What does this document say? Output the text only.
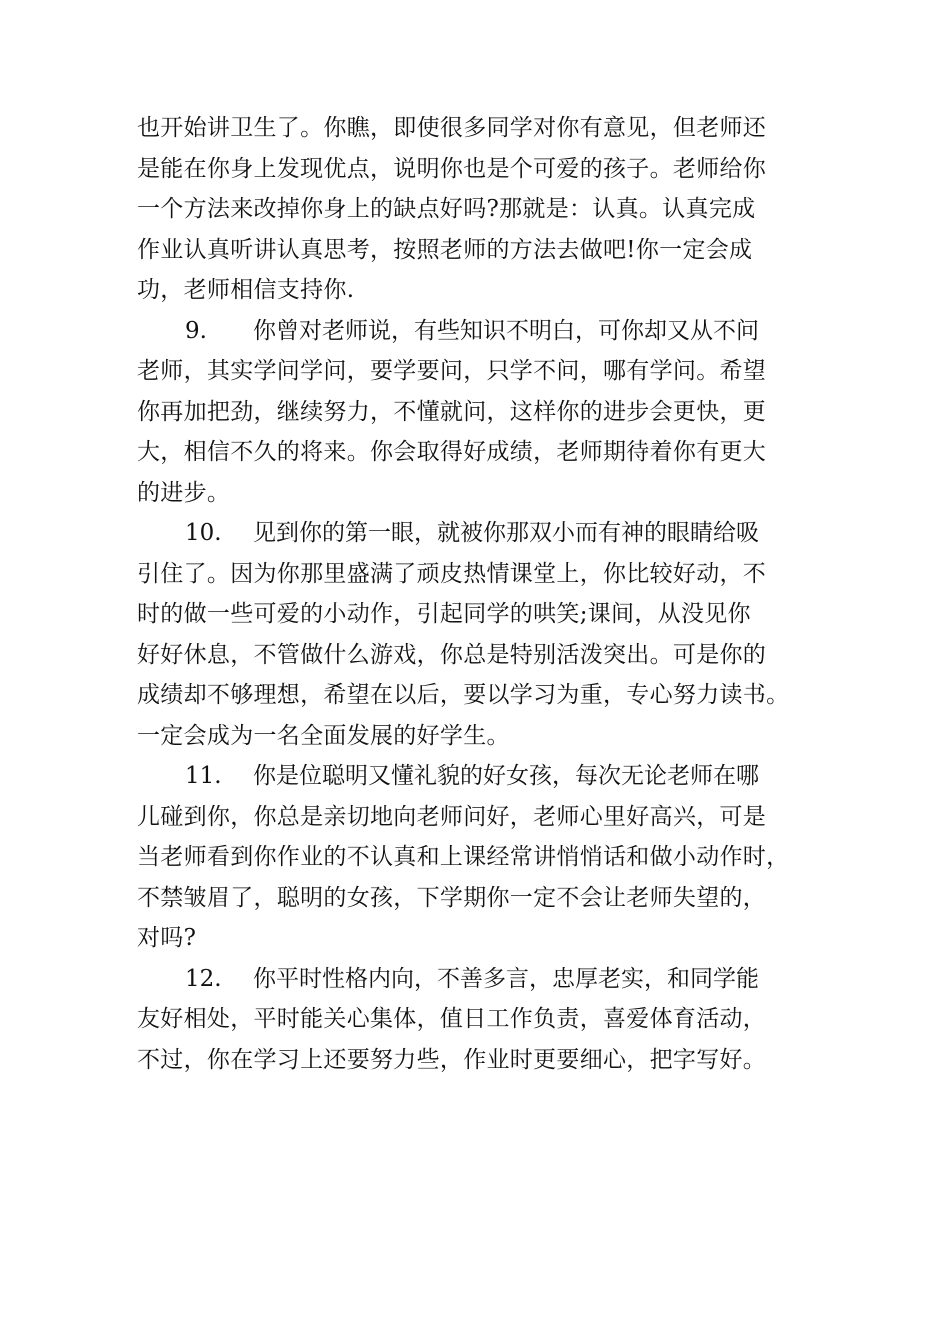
也开始讲卫生了。你瞧，即使很多同学对你有意见，但老师还
是能在你身上发现优点，说明你也是个可爱的孩子。老师给你
一个方法来改掉你身上的缺点好吗?那就是：认真。认真完成
作业认真听讲认真思考，按照老师的方法去做吧!你一定会成
功，老师相信支持你.
9. 你曾对老师说，有些知识不明白，可你却又从不问
老师，其实学问学问，要学要问，只学不问，哪有学问。希望
你再加把劲，继续努力，不懂就问，这样你的进步会更快，更
大，相信不久的将来。你会取得好成绩，老师期待着你有更大
的进步。
10. 见到你的第一眼，就被你那双小而有神的眼睛给吸
引住了。因为你那里盛满了顽皮热情课堂上，你比较好动，不
时的做一些可爱的小动作，引起同学的哄笑;课间，从没见你
好好休息，不管做什么游戏，你总是特别活泼突出。可是你的
成绩却不够理想，希望在以后，要以学习为重，专心努力读书。
一定会成为一名全面发展的好学生。
11. 你是位聪明又懂礼貌的好女孩，每次无论老师在哪
儿碰到你，你总是亲切地向老师问好，老师心里好高兴，可是
当老师看到你作业的不认真和上课经常讲悄悄话和做小动作时，
不禁皱眉了，聪明的女孩，下学期你一定不会让老师失望的，
对吗?
12. 你平时性格内向，不善多言，忠厚老实，和同学能
友好相处，平时能关心集体，值日工作负责，喜爱体育活动，
不过，你在学习上还要努力些，作业时更要细心，把字写好。
